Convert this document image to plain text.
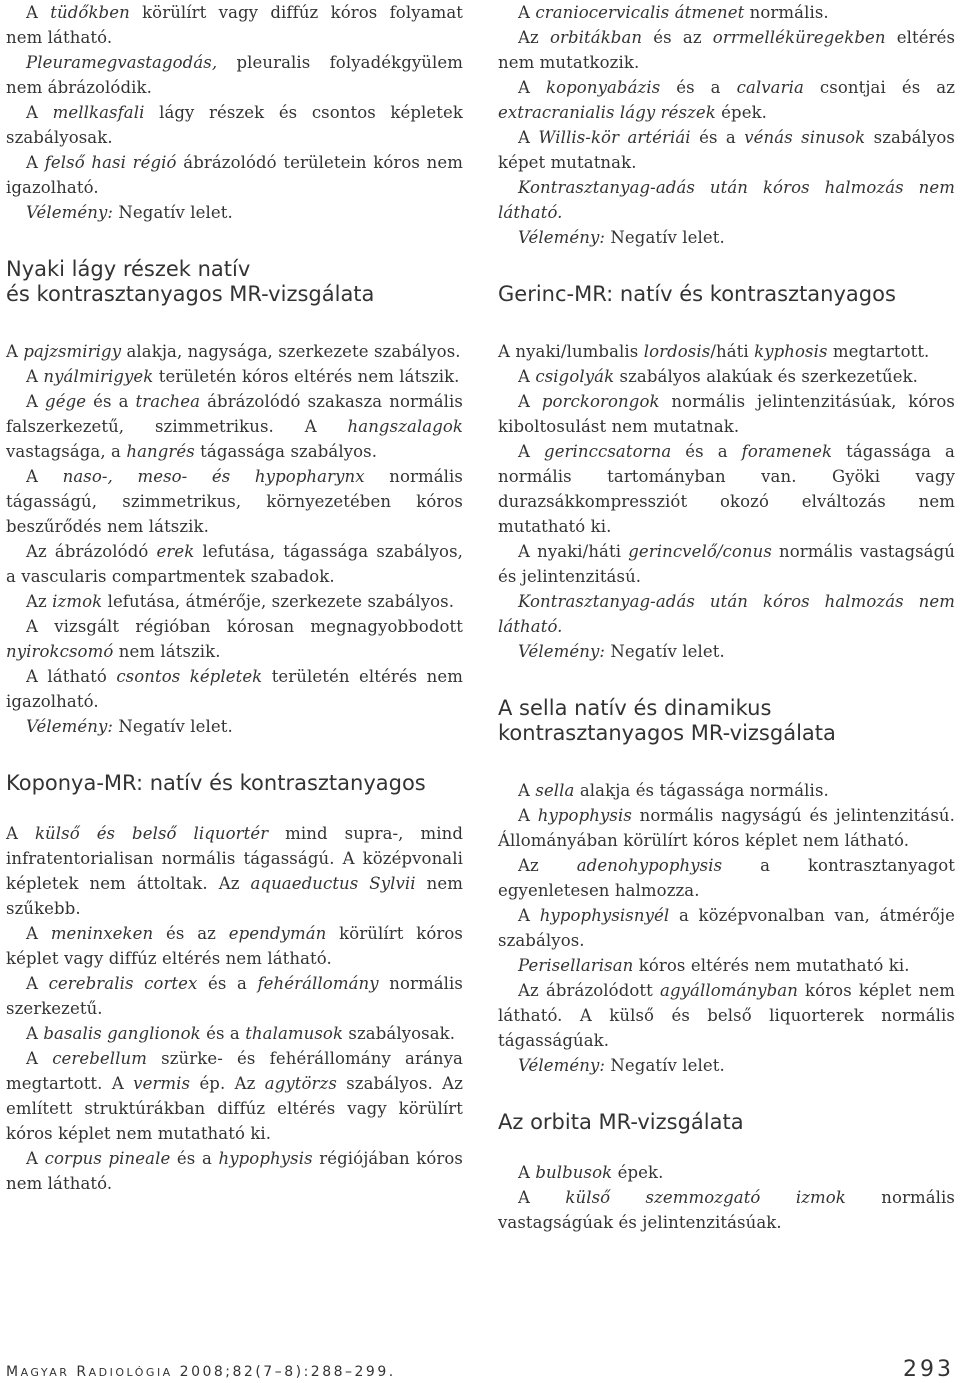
A tüdőkben körülírt vagy diffúz kóros folyamat nem látható.

Pleuramegvastagodás, pleuralis folyadékgyülem nem ábrázolódik.

A mellkasfali lágy részek és csontos képletek szabályosak.

A felső hasi régió ábrázolódó területein kóros nem igazolható.

Vélemény: Negatív lelet.

Nyaki lágy részek natív
és kontrasztanyagos MR-vizsgálata

A pajzsmirigy alakja, nagysága, szerkezete szabályos.

A nyálmirigyek területén kóros eltérés nem látszik.

A gége és a trachea ábrázolódó szakasza normális falszerkezetű, szimmetrikus. A hangszalagok vastagsága, a hangrés tágassága szabályos.

A naso-, meso- és hypopharynx normális tágasságú, szimmetrikus, környezetében kóros beszűrődés nem látszik.

Az ábrázolódó erek lefutása, tágassága szabályos, a vascularis compartmentek szabadok.

Az izmok lefutása, átmérője, szerkezete szabályos.

A vizsgált régióban kórosan megnagyobbodott nyirokcsomó nem látszik.

A látható csontos képletek területén eltérés nem igazolható.

Vélemény: Negatív lelet.

Koponya-MR: natív és kontrasztanyagos

A külső és belső liquortér mind supra-, mind infratentorialisan normális tágasságú. A középvonali képletek nem áttoltak. Az aquaeductus Sylvii nem szűkebb.

A meninxeken és az ependymán körülírt kóros képlet vagy diffúz eltérés nem látható.

A cerebralis cortex és a fehérállomány normális szerkezetű.

A basalis ganglionok és a thalamusok szabályosak.

A cerebellum szürke- és fehérállomány aránya megtartott. A vermis ép. Az agytörzs szabályos. Az említett struktúrákban diffúz eltérés vagy körülírt kóros képlet nem mutatható ki.

A corpus pineale és a hypophysis régiójában kóros nem látható.

A craniocervicalis átmenet normális.

Az orbitákban és az orrmelléküregekben eltérés nem mutatkozik.

A koponyabázis és a calvaria csontjai és az extracranialis lágy részek épek.

A Willis-kör artériái és a vénás sinusok szabályos képet mutatnak.

Kontrasztanyag-adás után kóros halmozás nem látható.

Vélemény: Negatív lelet.

Gerinc-MR: natív és kontrasztanyagos

A nyaki/lumbalis lordosis/háti kyphosis megtartott.

A csigolyák szabályos alakúak és szerkezetűek.

A porckorongok normális jelintenzitásúak, kóros kiboltosulást nem mutatnak.

A gerinccsatorna és a foramenek tágassága a normális tartományban van. Gyöki vagy durazsákkompressziót okozó elváltozás nem mutatható ki.

A nyaki/háti gerincvelő/conus normális vastagságú és jelintenzitású.

Kontrasztanyag-adás után kóros halmozás nem látható.

Vélemény: Negatív lelet.

A sella natív és dinamikus
kontrasztanyagos MR-vizsgálata

A sella alakja és tágassága normális.

A hypophysis normális nagyságú és jelintenzitású. Állományában körülírt kóros képlet nem látható.

Az adenohypophysis a kontrasztanyagot egyenletesen halmozza.

A hypophysisnyél a középvonalban van, átmérője szabályos.

Perisellarisan kóros eltérés nem mutatható ki.

Az ábrázolódott agyállományban kóros képlet nem látható. A külső és belső liquorterek normális tágasságúak.

Vélemény: Negatív lelet.

Az orbita MR-vizsgálata

A bulbusok épek.

A külső szemmozgató izmok normális vastagságúak és jelintenzitásúak.

MAGYAR RADIOLÓGIA 2008;82(7–8):288–299.	293
